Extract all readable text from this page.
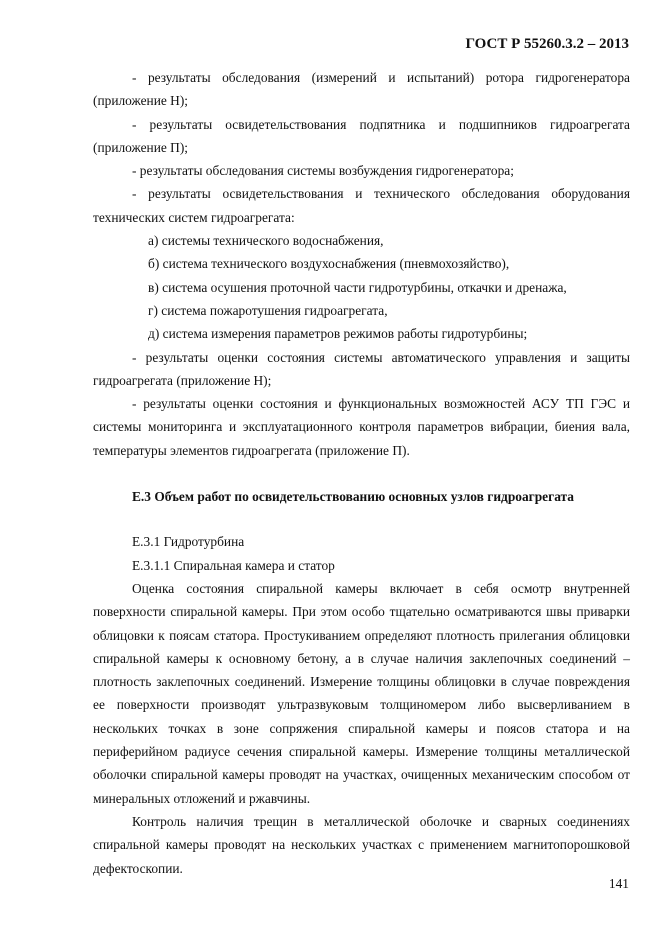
ГОСТ Р 55260.3.2 – 2013

- результаты обследования (измерений и испытаний) ротора гидрогенератора (приложение Н);

- результаты освидетельствования подпятника и подшипников гидроагрегата (приложение П);

- результаты обследования системы возбуждения гидрогенератора;

- результаты освидетельствования и технического обследования оборудования технических систем гидроагрегата:

а) системы технического водоснабжения,

б) система технического воздухоснабжения (пневмохозяйство),

в) система осушения проточной части гидротурбины, откачки и дренажа,

г) система пожаротушения гидроагрегата,

д) система измерения параметров режимов работы гидротурбины;

- результаты оценки состояния системы автоматического управления и защиты гидроагрегата (приложение Н);

- результаты оценки состояния и функциональных возможностей АСУ ТП ГЭС и системы мониторинга и эксплуатационного контроля параметров вибрации, биения вала, температуры элементов гидроагрегата (приложение П).

Е.3 Объем работ по освидетельствованию основных узлов гидроагрегата

Е.3.1 Гидротурбина

Е.3.1.1 Спиральная камера и статор

Оценка состояния спиральной камеры включает в себя осмотр внутренней поверхности спиральной камеры. При этом особо тщательно осматриваются швы приварки облицовки к поясам статора. Простукиванием определяют плотность прилегания облицовки спиральной камеры к основному бетону, а в случае наличия заклепочных соединений – плотность заклепочных соединений. Измерение толщины облицовки в случае повреждения ее поверхности производят ультразвуковым толщиномером либо высверливанием в нескольких точках в зоне сопряжения спиральной камеры и поясов статора и на периферийном радиусе сечения спиральной камеры. Измерение толщины металлической оболочки спиральной камеры проводят на участках, очищенных механическим способом от минеральных отложений и ржавчины.

Контроль наличия трещин в металлической оболочке и сварных соединениях спиральной камеры проводят на нескольких участках с применением магнитопорошковой дефектоскопии.

141
